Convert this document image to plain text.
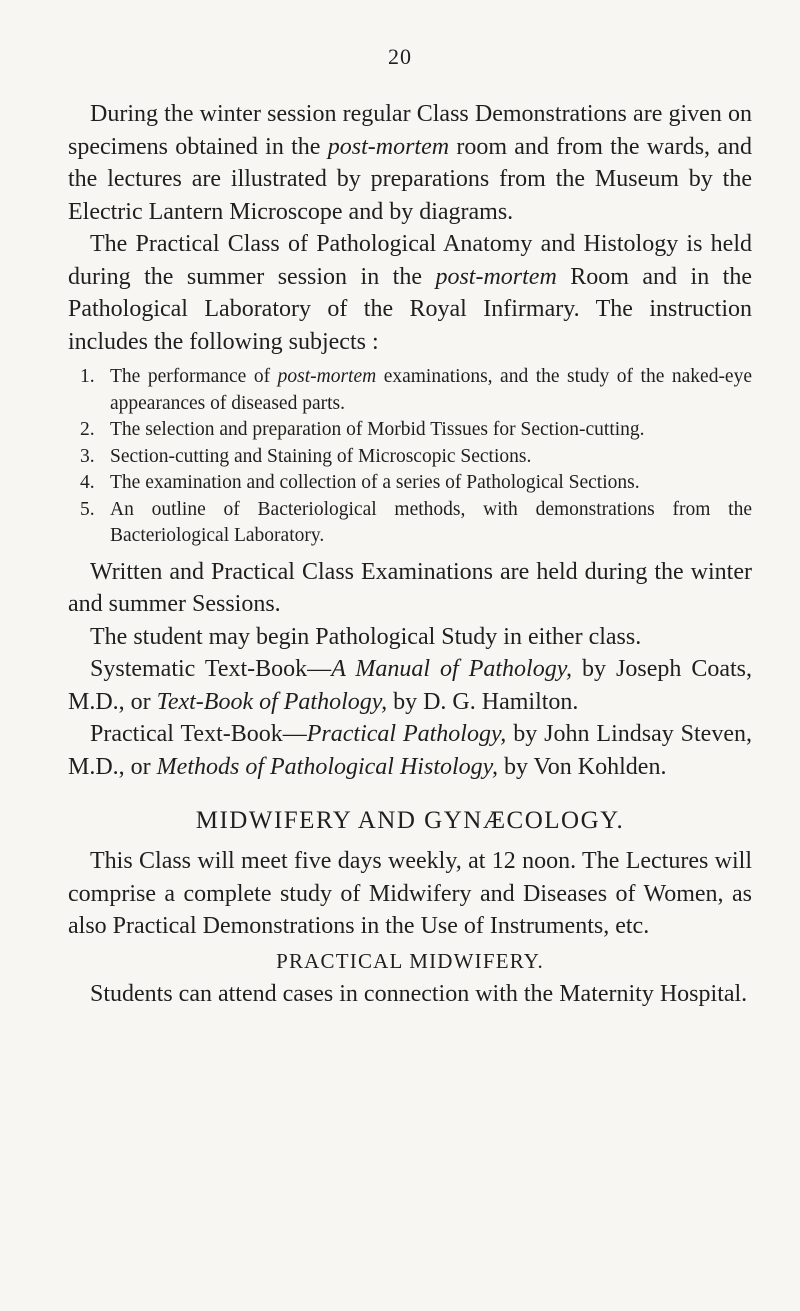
20

During the winter session regular Class Demonstrations are given on specimens obtained in the post-mortem room and from the wards, and the lectures are illustrated by preparations from the Museum by the Electric Lantern Microscope and by diagrams.

The Practical Class of Pathological Anatomy and Histology is held during the summer session in the post-mortem Room and in the Pathological Laboratory of the Royal Infirmary. The instruction includes the following subjects :

1. The performance of post-mortem examinations, and the study of the naked-eye appearances of diseased parts.
2. The selection and preparation of Morbid Tissues for Section-cutting.
3. Section-cutting and Staining of Microscopic Sections.
4. The examination and collection of a series of Pathological Sections.
5. An outline of Bacteriological methods, with demonstrations from the Bacteriological Laboratory.

Written and Practical Class Examinations are held during the winter and summer Sessions.

The student may begin Pathological Study in either class.

Systematic Text-Book—A Manual of Pathology, by Joseph Coats, M.D., or Text-Book of Pathology, by D. G. Hamilton.

Practical Text-Book—Practical Pathology, by John Lindsay Steven, M.D., or Methods of Pathological Histology, by Von Kohlden.

MIDWIFERY AND GYNÆCOLOGY.

This Class will meet five days weekly, at 12 noon. The Lectures will comprise a complete study of Midwifery and Diseases of Women, as also Practical Demonstrations in the Use of Instruments, etc.

PRACTICAL MIDWIFERY.

Students can attend cases in connection with the Maternity Hospital.
